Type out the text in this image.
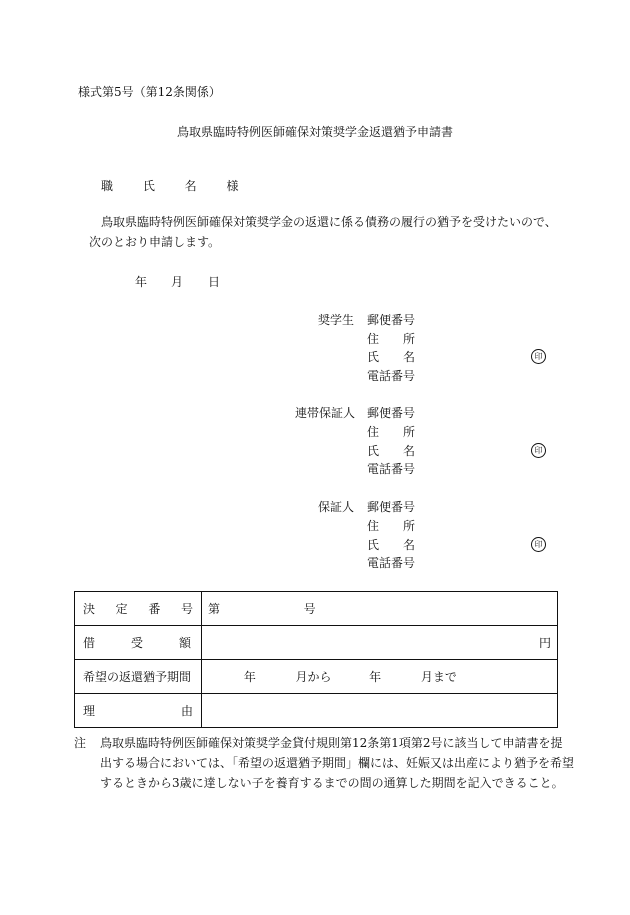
様式第5号（第12条関係）
鳥取県臨時特例医師確保対策奨学金返還猶予申請書
職 氏 名 様
鳥取県臨時特例医師確保対策奨学金の返還に係る債務の履行の猶予を受けたいので、
次のとおり申請します。
年 月 日
奨学生 郵便番号
住所
氏名
電話番号
印
連帯保証人 郵便番号
住所
氏名
電話番号
印
保証人 郵便番号
住所
氏名
電話番号
印
決定番号	第 号

借受額	円
希望の返還猶予期間	年 月から 年 月まで

理由	

注 鳥取県臨時特例医師確保対策奨学金貸付規則第12条第1項第2号に該当して申請書を提
出する場合においては、「希望の返還猶予期間」欄には、妊娠又は出産により猶予を希望
するときから3歳に達しない子を養育するまでの間の通算した期間を記入できること。
